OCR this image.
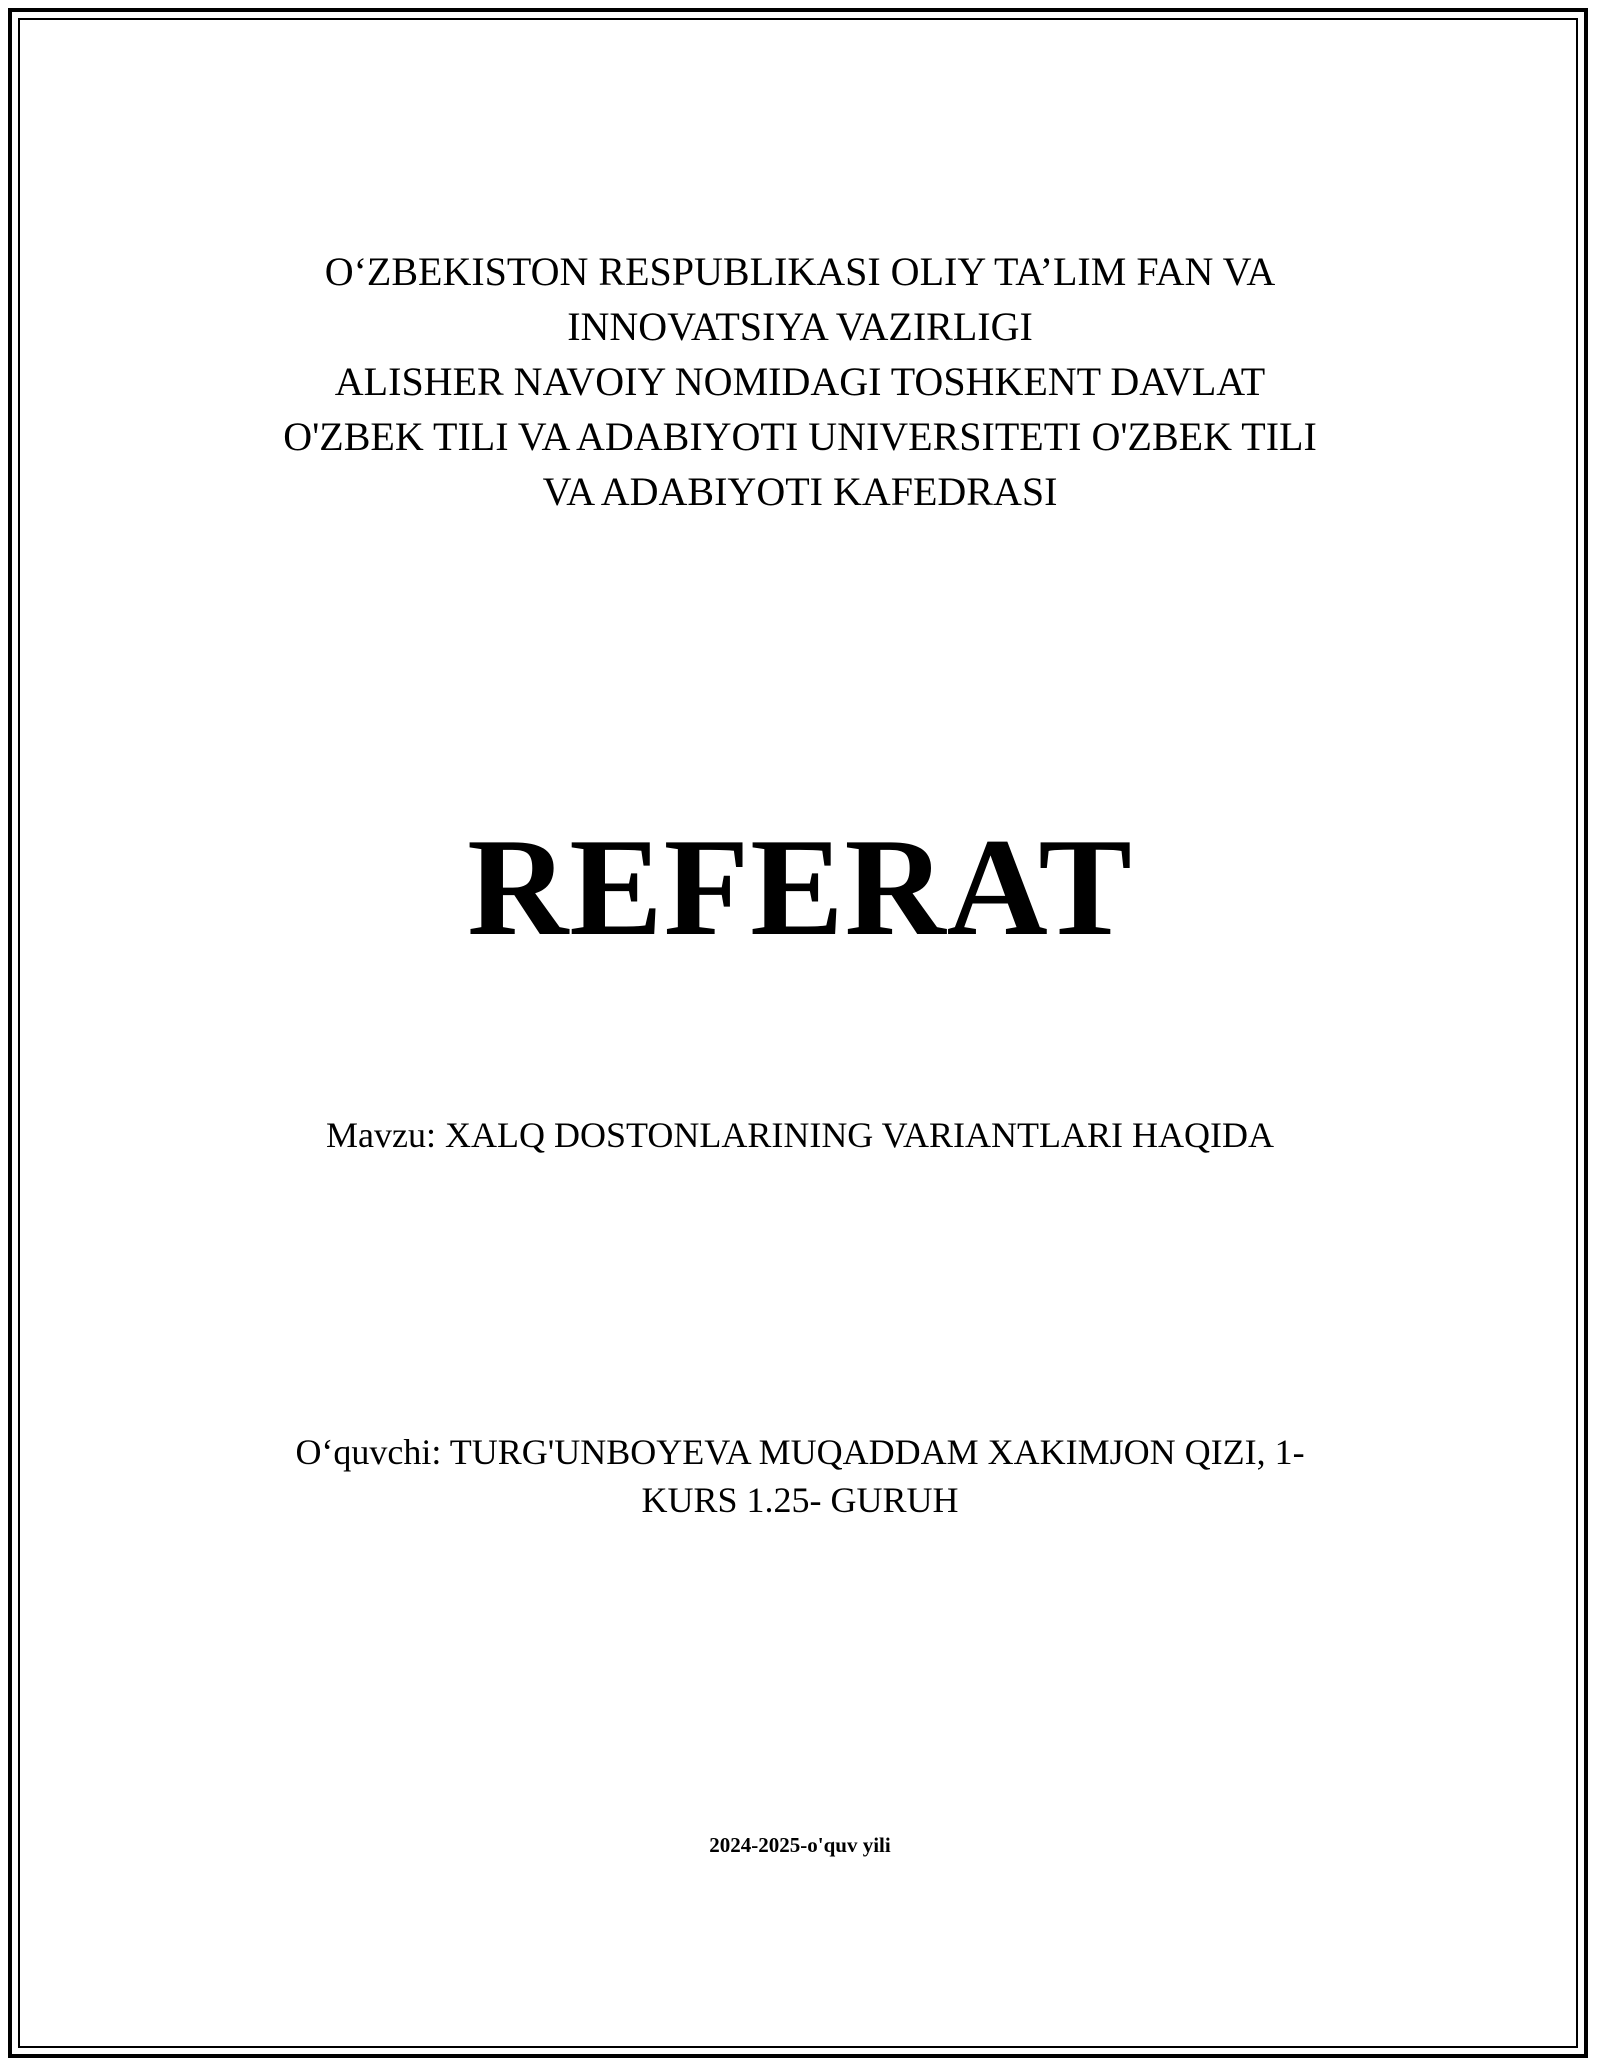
O‘ZBEKISTON RESPUBLIKASI OLIY TA’LIM FAN VA
INNOVATSIYA VAZIRLIGI
ALISHER NAVOIY NOMIDAGI TOSHKENT DAVLAT
O'ZBEK TILI VA ADABIYOTI UNIVERSITETI O'ZBEK TILI
VA ADABIYOTI KAFEDRASI
REFERAT
Mavzu: XALQ DOSTONLARINING VARIANTLARI HAQIDA
O‘quvchi: TURG'UNBOYEVA MUQADDAM XAKIMJON QIZI, 1-
KURS 1.25- GURUH
2024-2025-o'quv yili
